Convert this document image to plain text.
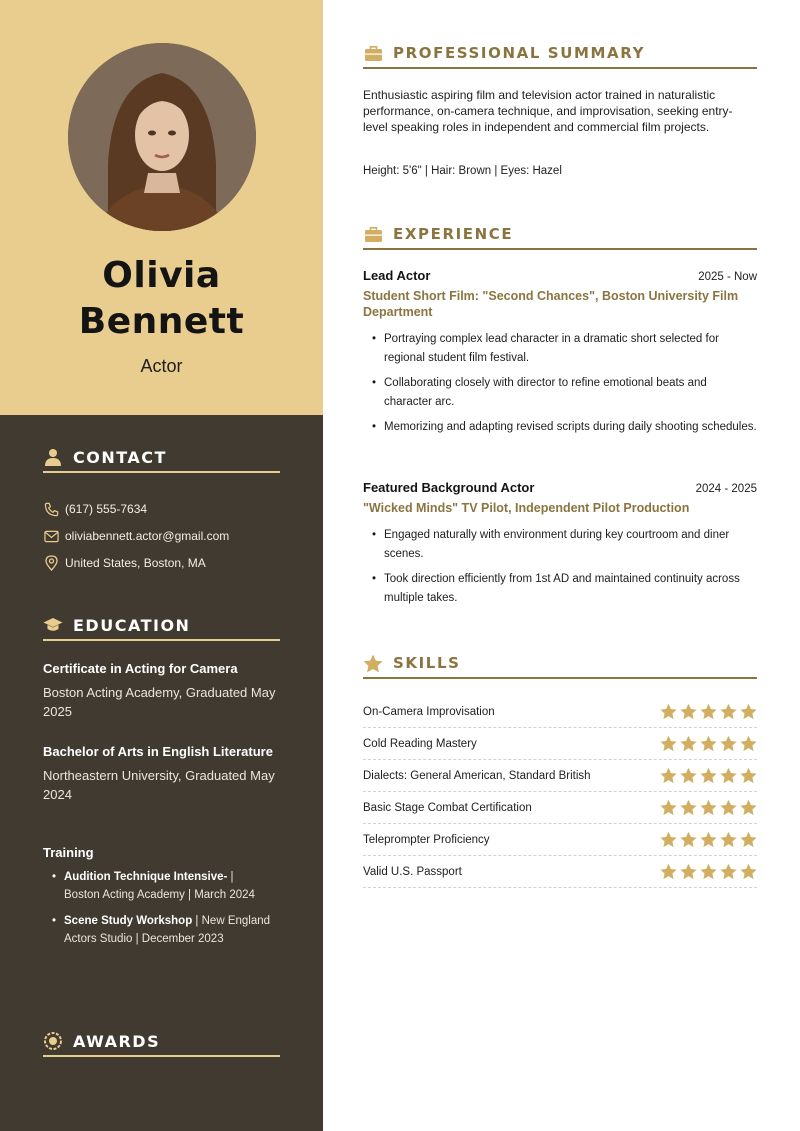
Olivia
Bennett
Actor
CONTACT
(617) 555-7634
oliviabennett.actor@gmail.com
United States, Boston, MA
EDUCATION
Certificate in Acting for Camera
Boston Acting Academy, Graduated May 2025
Bachelor of Arts in English Literature
Northeastern University, Graduated May 2024
Training
• Audition Technique Intensive- | Boston Acting Academy | March 2024
• Scene Study Workshop | New England Actors Studio | December 2023
AWARDS
PROFESSIONAL SUMMARY
Enthusiastic aspiring film and television actor trained in naturalistic performance, on-camera technique, and improvisation, seeking entry-level speaking roles in independent and commercial film projects.
Height: 5'6" | Hair: Brown | Eyes: Hazel
EXPERIENCE
Lead Actor	2025 - Now
Student Short Film: "Second Chances", Boston University Film Department
• Portraying complex lead character in a dramatic short selected for regional student film festival.
• Collaborating closely with director to refine emotional beats and character arc.
• Memorizing and adapting revised scripts during daily shooting schedules.
Featured Background Actor	2024 - 2025
"Wicked Minds" TV Pilot, Independent Pilot Production
• Engaged naturally with environment during key courtroom and diner scenes.
• Took direction efficiently from 1st AD and maintained continuity across multiple takes.
SKILLS
On-Camera Improvisation
Cold Reading Mastery
Dialects: General American, Standard British
Basic Stage Combat Certification
Teleprompter Proficiency
Valid U.S. Passport
